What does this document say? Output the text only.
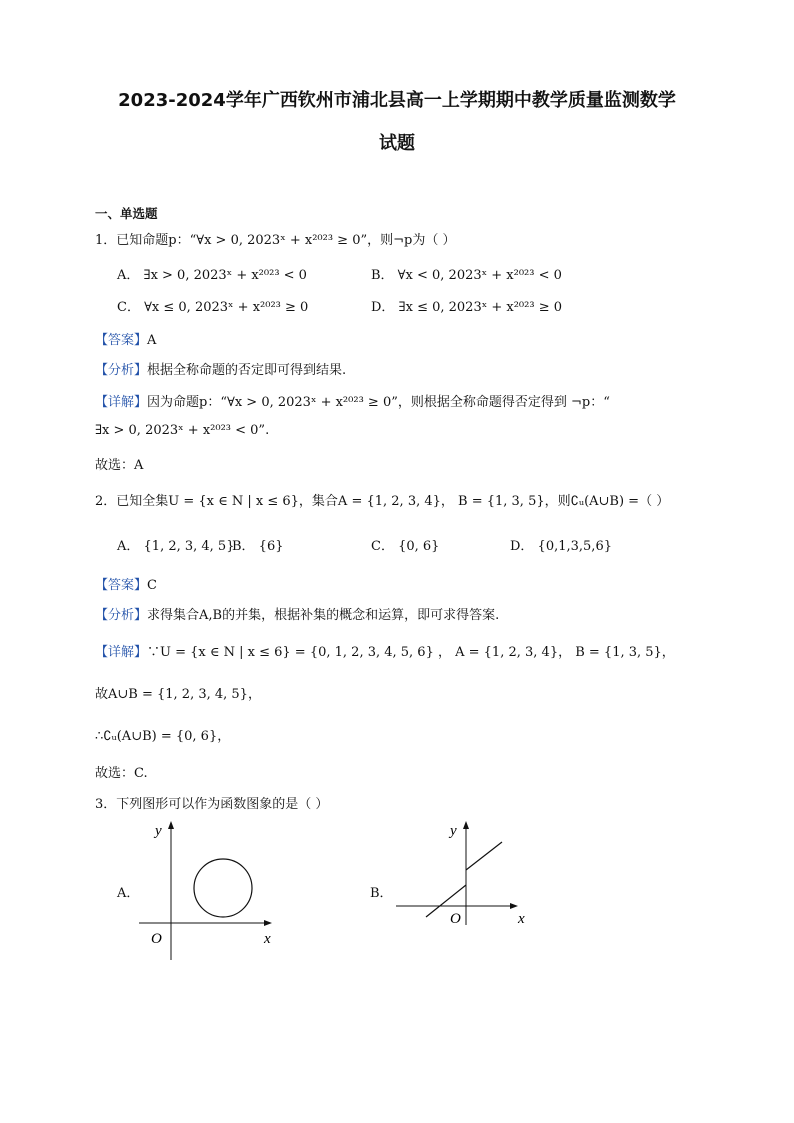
2023-2024学年广西钦州市浦北县高一上学期期中教学质量监测数学
试题
一、单选题
1．已知命题p：“∀x > 0, 2023ˣ + x²⁰²³ ≥ 0”，则¬p为（ ）
A． ∃x > 0, 2023ˣ + x²⁰²³ < 0	B． ∀x < 0, 2023ˣ + x²⁰²³ < 0
C． ∀x ≤ 0, 2023ˣ + x²⁰²³ ≥ 0	D． ∃x ≤ 0, 2023ˣ + x²⁰²³ ≥ 0
【答案】A
【分析】根据全称命题的否定即可得到结果.
【详解】因为命题p：“∀x > 0, 2023ˣ + x²⁰²³ ≥ 0”，则根据全称命题得否定得到 ¬p：“
∃x > 0, 2023ˣ + x²⁰²³ < 0”.
故选：A
2．已知全集U = {x ∈ N | x ≤ 6}，集合A = {1, 2, 3, 4}， B = {1, 3, 5}，则∁ᵤ(A∪B) =（ ）
A． {1, 2, 3, 4, 5}
B． {6}	C． {0, 6}	D． {0,1,3,5,6}
【答案】C
【分析】求得集合A,B的并集，根据补集的概念和运算，即可求得答案.
【详解】∵U = {x ∈ N | x ≤ 6} = {0, 1, 2, 3, 4, 5, 6} ， A = {1, 2, 3, 4}， B = {1, 3, 5}，
故A∪B = {1, 2, 3, 4, 5}，
∴∁ᵤ(A∪B) = {0, 6}，
故选：C.
3．下列图形可以作为函数图象的是（ ）
A．
y
x
O
B．
y
x
O
